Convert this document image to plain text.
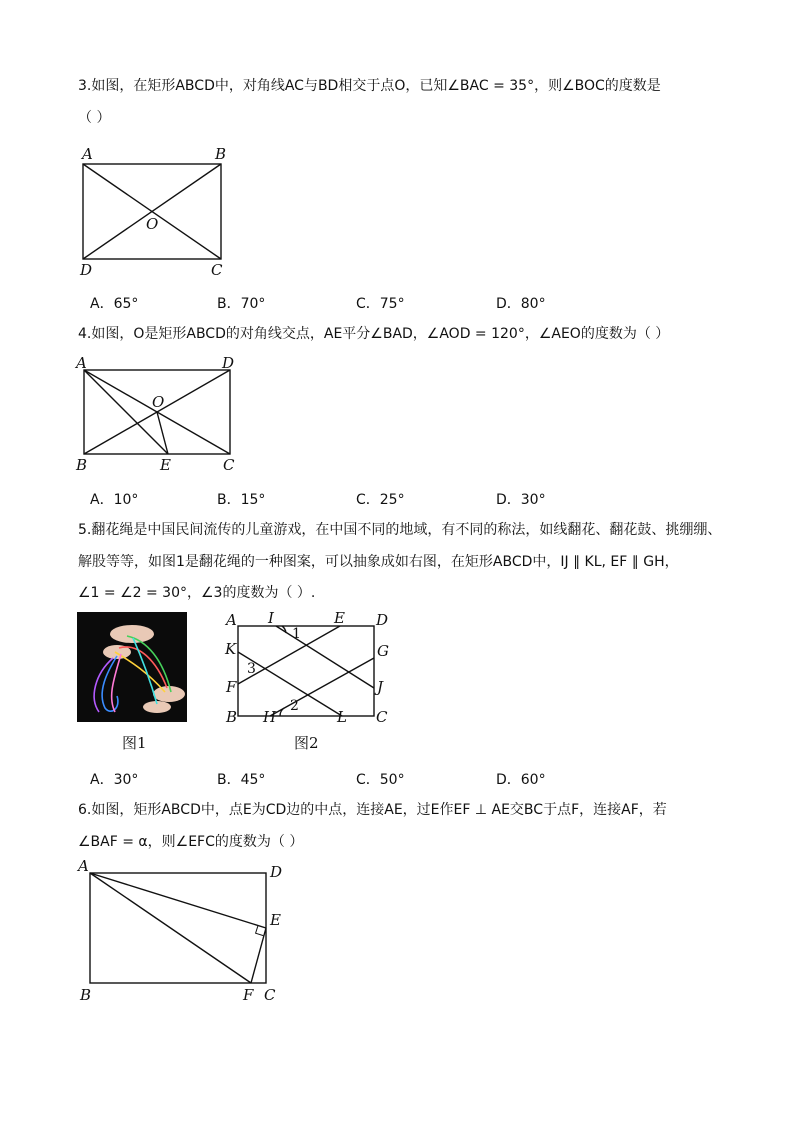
3.如图，在矩形ABCD中，对角线AC与BD相交于点O，已知∠BAC = 35°，则∠BOC的度数是
（ ）
A	B
C
D
O
A．65°	B．70°	C．75°	D．80°
4.如图，O是矩形ABCD的对角线交点，AE平分∠BAD，∠AOD = 120°，∠AEO的度数为（ ）
A	D
B	C
E
O
A．10°	B．15°	C．25°	D．30°
5.翻花绳是中国民间流传的儿童游戏，在中国不同的地域，有不同的称法，如线翻花、翻花鼓、挑绷绷、
解股等等，如图1是翻花绳的一种图案，可以抽象成如右图，在矩形ABCD中，IJ ∥ KL, EF ∥ GH，
∠1 = ∠2 = 30°，∠3的度数为（ ）.
A I	E D
K	G
F	J
B H	L C
1
2
3
图1	图2
A．30°	B．45°	C．50°	D．60°
6.如图，矩形ABCD中，点E为CD边的中点，连接AE，过E作EF ⊥ AE交BC于点F，连接AF，若
∠BAF = α，则∠EFC的度数为（ ）
A	D
E
B	F C
